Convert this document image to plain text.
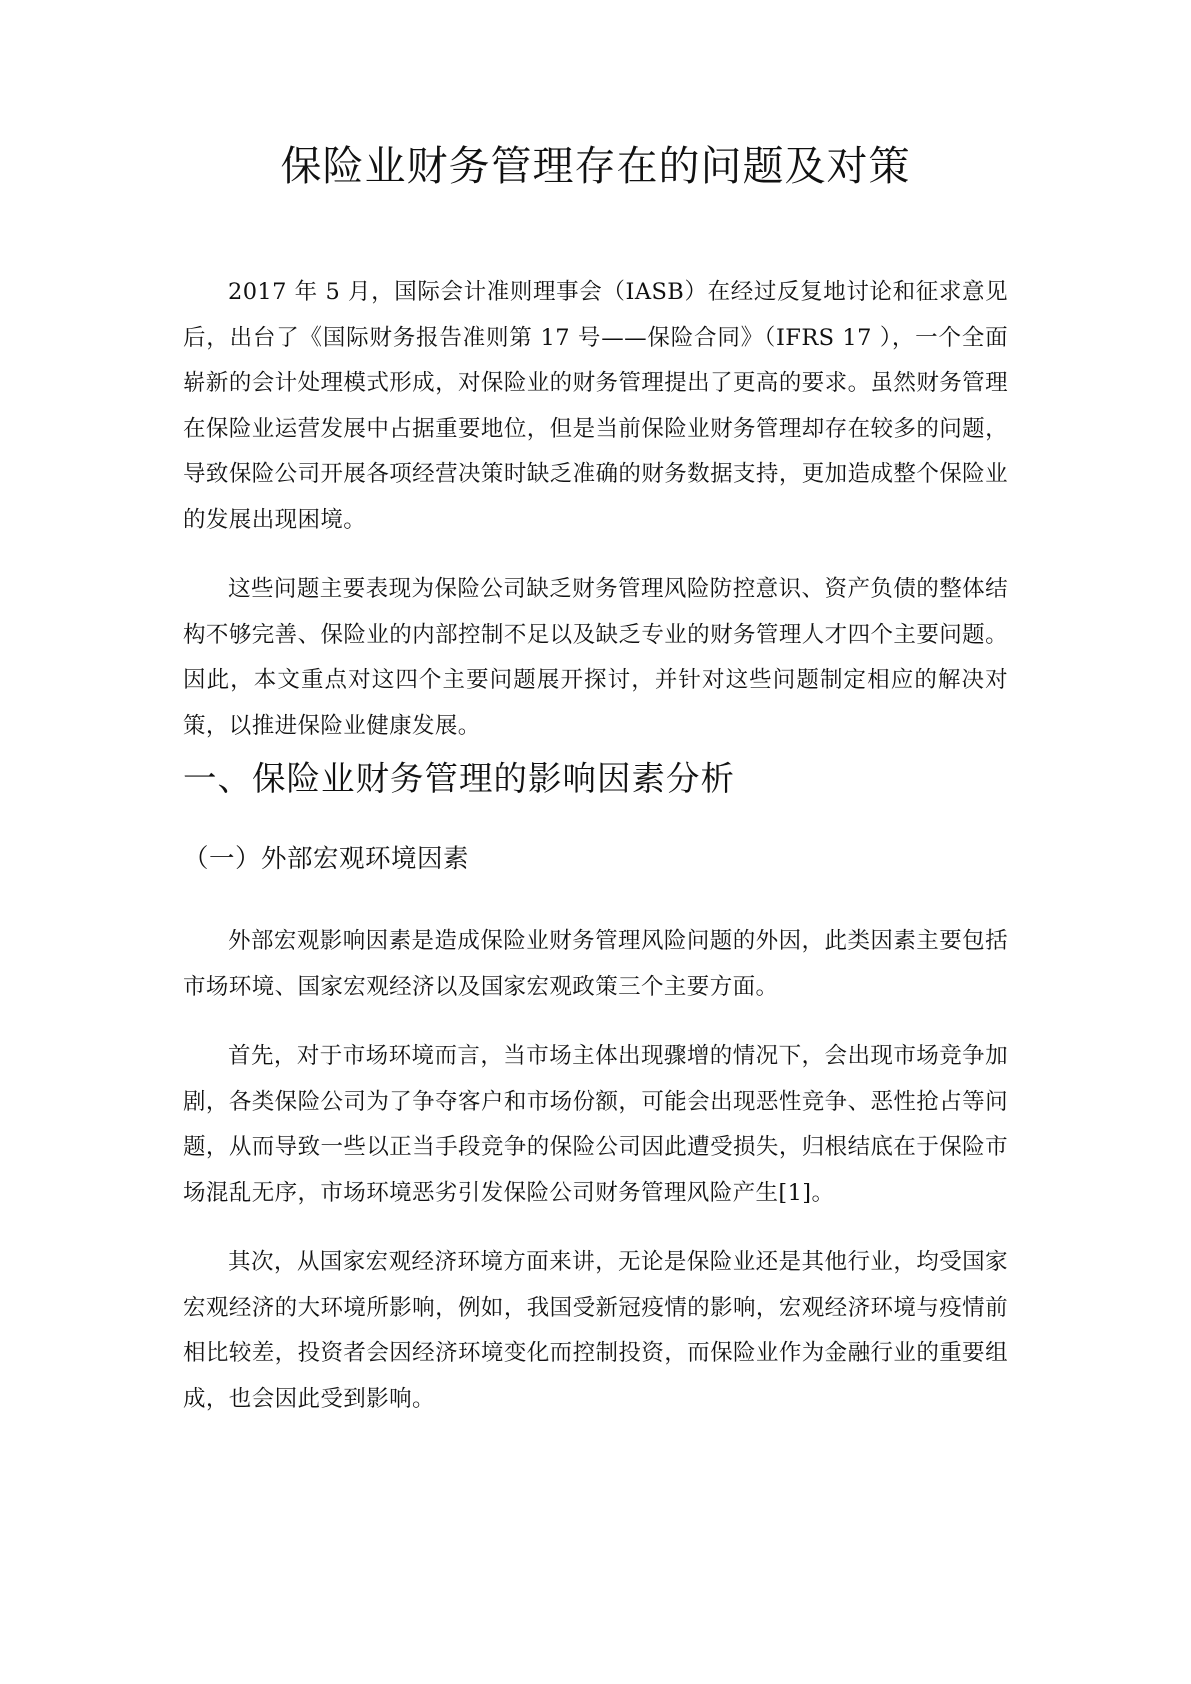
保险业财务管理存在的问题及对策

2017 年 5 月，国际会计准则理事会（IASB）在经过反复地讨论和征求意见后，出台了《国际财务报告准则第 17 号——保险合同》（IFRS 17 ），一个全面崭新的会计处理模式形成，对保险业的财务管理提出了更高的要求。虽然财务管理在保险业运营发展中占据重要地位，但是当前保险业财务管理却存在较多的问题，导致保险公司开展各项经营决策时缺乏准确的财务数据支持，更加造成整个保险业的发展出现困境。

这些问题主要表现为保险公司缺乏财务管理风险防控意识、资产负债的整体结构不够完善、保险业的内部控制不足以及缺乏专业的财务管理人才四个主要问题。因此，本文重点对这四个主要问题展开探讨，并针对这些问题制定相应的解决对策，以推进保险业健康发展。

一、保险业财务管理的影响因素分析
（一）外部宏观环境因素

外部宏观影响因素是造成保险业财务管理风险问题的外因，此类因素主要包括市场环境、国家宏观经济以及国家宏观政策三个主要方面。

首先，对于市场环境而言，当市场主体出现骤增的情况下，会出现市场竞争加剧，各类保险公司为了争夺客户和市场份额，可能会出现恶性竞争、恶性抢占等问题，从而导致一些以正当手段竞争的保险公司因此遭受损失，归根结底在于保险市场混乱无序，市场环境恶劣引发保险公司财务管理风险产生[1]。

其次，从国家宏观经济环境方面来讲，无论是保险业还是其他行业，均受国家宏观经济的大环境所影响，例如，我国受新冠疫情的影响，宏观经济环境与疫情前相比较差，投资者会因经济环境变化而控制投资，而保险业作为金融行业的重要组成，也会因此受到影响。
